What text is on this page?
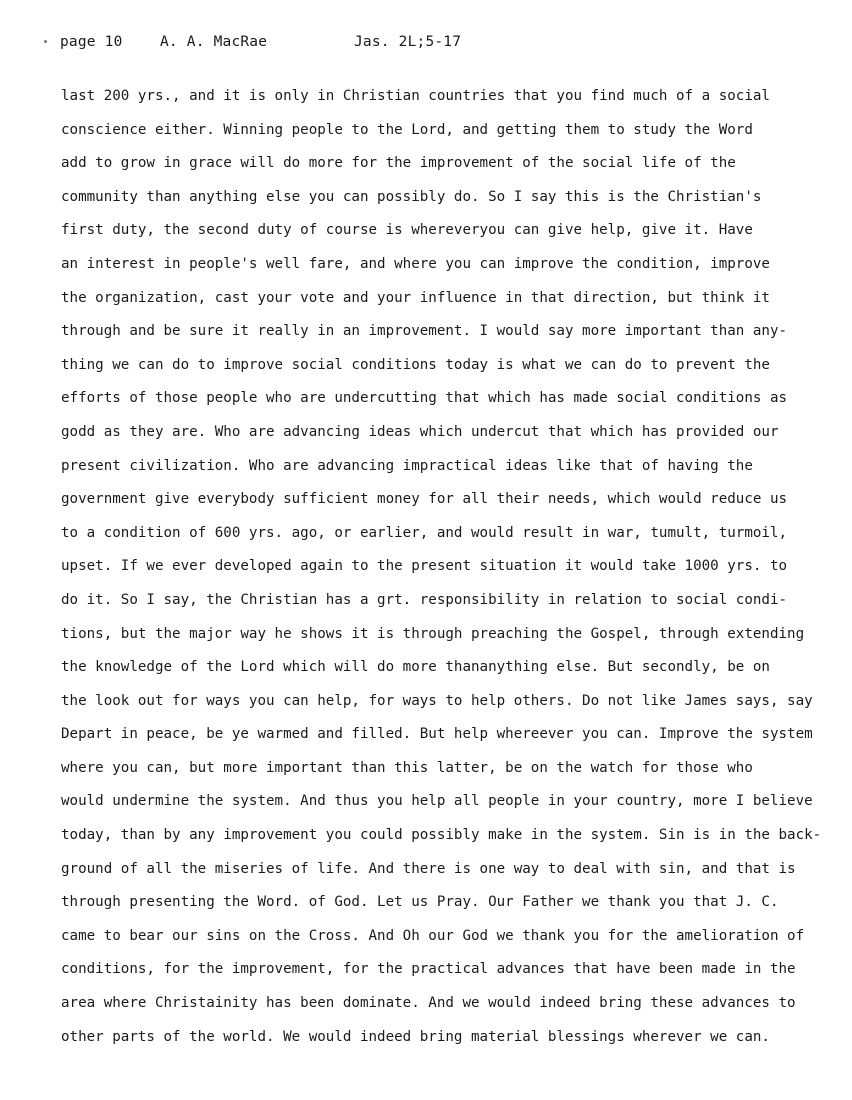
page 10	A. A. MacRae	Jas. 2L;5-17
last 200 yrs., and it is only in Christian countries that you find much of a social
conscience either. Winning people to the Lord, and getting them to study the Word
add to grow in grace will do more for the improvement of the social life of the
community than anything else you can possibly do. So I say this is the Christian's
first duty, the second duty of course is whereveryou can give help, give it. Have
an interest in people's well fare, and where you can improve the condition, improve
the organization, cast your vote and your influence in that direction, but think it
through and be sure it really in an improvement. I would say more important than any-
thing we can do to improve social conditions today is what we can do to prevent the
efforts of those people who are undercutting that which has made social conditions as
godd as they are. Who are advancing ideas which undercut that which has provided our
present civilization. Who are advancing impractical ideas like that of having the
government give everybody sufficient money for all their needs, which would reduce us
to a condition of 600 yrs. ago, or earlier, and would result in war, tumult, turmoil,
upset. If we ever developed again to the present situation it would take 1000 yrs. to
do it. So I say, the Christian has a grt. responsibility in relation to social condi-
tions, but the major way he shows it is through preaching the Gospel, through extending
the knowledge of the Lord which will do more thananything else. But secondly, be on
the look out for ways you can help, for ways to help others. Do not like James says, say
Depart in peace, be ye warmed and filled. But help whereever you can. Improve the system
where you can, but more important than this latter, be on the watch for those who
would undermine the system. And thus you help all people in your country, more I believe
today, than by any improvement you could possibly make in the system. Sin is in the back-
ground of all the miseries of life. And there is one way to deal with sin, and that is
through presenting the Word. of God. Let us Pray. Our Father we thank you that J. C.
came to bear our sins on the Cross. And Oh our God we thank you for the amelioration of
conditions, for the improvement, for the practical advances that have been made in the
area where Christainity has been dominate. And we would indeed bring these advances to
other parts of the world. We would indeed bring material blessings wherever we can.
